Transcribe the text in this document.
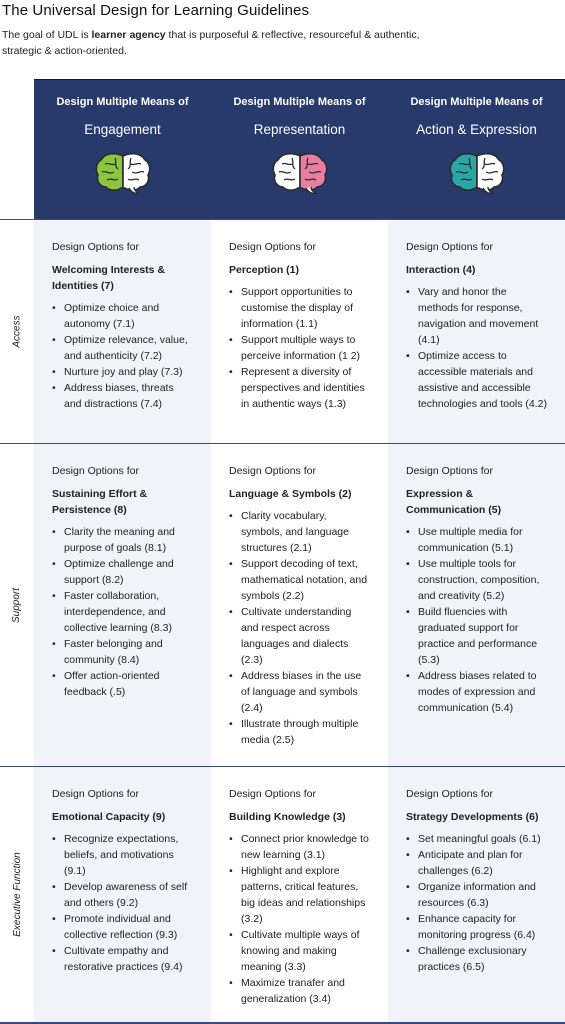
The Universal Design for Learning Guidelines
The goal of UDL is learner agency that is purposeful & reflective, resourceful & authentic, strategic & action-oriented.
Design Multiple Means of
Engagement
Design Multiple Means of
Representation
Design Multiple Means of
Action & Expression
Access
Support
Executive Function
Design Options for
Welcoming Interests & Identities (7)
• Optimize choice and autonomy (7.1)
• Optimize relevance, value, and authenticity (7.2)
• Nurture joy and play (7.3)
• Address biases, threats and distractions (7.4)
Design Options for
Perception (1)
• Support opportunities to customise the display of information (1.1)
• Support multiple ways to perceive information (1 2)
• Represent a diversity of perspectives and identities in authentic ways (1.3)
Design Options for
Interaction (4)
• Vary and honor the methods for response, navigation and movement (4.1)
• Optimize access to accessible materials and assistive and accessible technologies and tools (4.2)
Design Options for
Sustaining Effort & Persistence (8)
• Clarity the meaning and purpose of goals (8.1)
• Optimize challenge and support (8.2)
• Faster collaboration, interdependence, and collective learning (8.3)
• Faster belonging and community (8.4)
• Offer action-oriented feedback (.5)
Design Options for
Language & Symbols (2)
• Clarity vocabulary, symbols, and language structures (2.1)
• Support decoding of text, mathematical notation, and symbols (2.2)
• Cultivate understanding and respect across languages and dialects (2.3)
• Address biases in the use of language and symbols (2.4)
• Illustrate through multiple media (2.5)
Design Options for
Expression & Communication (5)
• Use multiple media for communication (5.1)
• Use multiple tools for construction, composition, and creativity (5.2)
• Build fluencies with graduated support for practice and performance (5.3)
• Address biases related to modes of expression and communication (5.4)
Design Options for
Emotional Capacity (9)
• Recognize expectations, beliefs, and motivations (9.1)
• Develop awareness of self and others (9.2)
• Promote individual and collective reflection (9.3)
• Cultivate empathy and restorative practices (9.4)
Design Options for
Building Knowledge (3)
• Connect prior knowledge to new learning (3.1)
• Highlight and explore patterns, critical features, big ideas and relationships (3.2)
• Cultivate multiple ways of knowing and making meaning (3.3)
• Maximize tranafer and generalization (3.4)
Design Options for
Strategy Developments (6)
• Set meaningful goals (6.1)
• Anticipate and plan for challenges (6.2)
• Organize information and resources (6.3)
• Enhance capacity for monitoring progress (6.4)
• Challenge exclusionary practices (6.5)
